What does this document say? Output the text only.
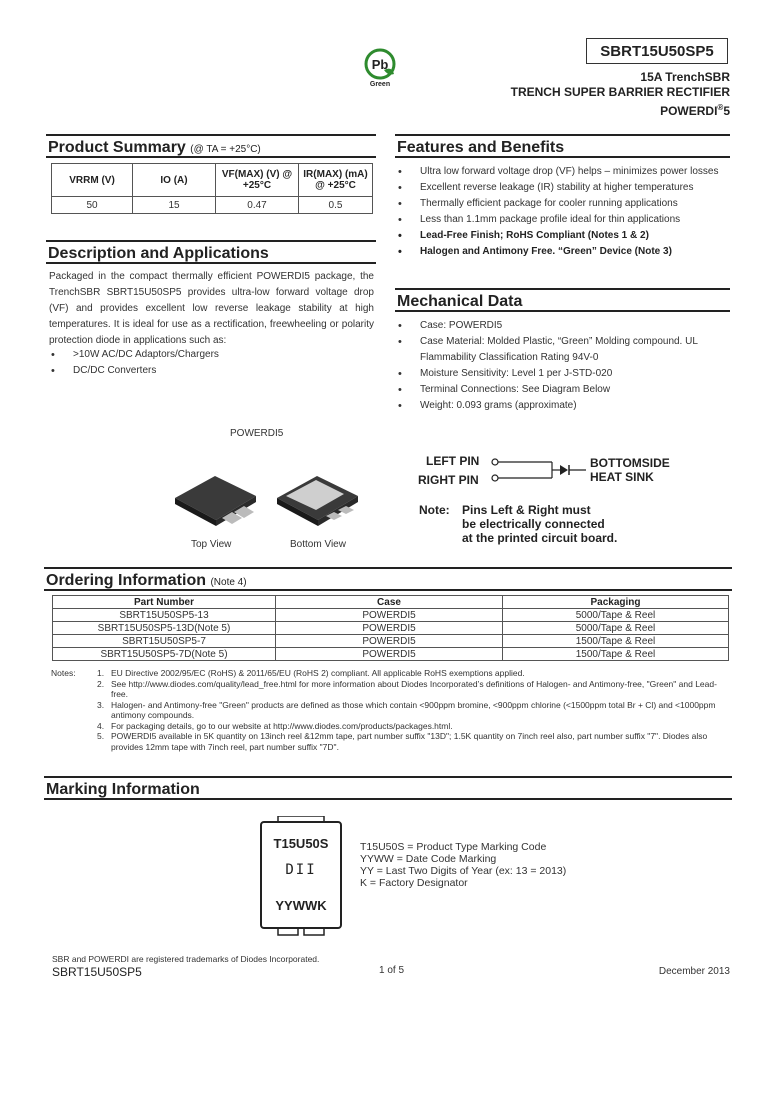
SBRT15U50SP5
Pb
Green
15A TrenchSBR
TRENCH SUPER BARRIER RECTIFIER
POWERDI®5
Product Summary (@ TA = +25°C)
VRRM (V)	IO (A)	VF(MAX) (V) @ +25°C	IR(MAX) (mA) @ +25°C
50	15	0.47	0.5
Description and Applications
Packaged in the compact thermally efficient POWERDI5 package, the TrenchSBR SBRT15U50SP5 provides ultra-low forward voltage drop (VF) and provides excellent low reverse leakage stability at high temperatures. It is ideal for use as a rectification, freewheeling or polarity protection diode in applications such as:
• >10W AC/DC Adaptors/Chargers
• DC/DC Converters
Features and Benefits
• Ultra low forward voltage drop (VF) helps – minimizes power losses
• Excellent reverse leakage (IR) stability at higher temperatures
• Thermally efficient package for cooler running applications
• Less than 1.1mm package profile ideal for thin applications
• Lead-Free Finish; RoHS Compliant (Notes 1 & 2)
• Halogen and Antimony Free. “Green” Device (Note 3)
Mechanical Data
• Case: POWERDI5
• Case Material: Molded Plastic, “Green” Molding compound. UL Flammability Classification Rating 94V-0
• Moisture Sensitivity: Level 1 per J-STD-020
• Terminal Connections: See Diagram Below
• Weight: 0.093 grams (approximate)
POWERDI5
Top View	Bottom View
LEFT PIN
RIGHT PIN
BOTTOMSIDE
HEAT SINK
Note: Pins Left & Right must
be electrically connected
at the printed circuit board.
Ordering Information (Note 4)
Part Number	Case	Packaging
SBRT15U50SP5-13	POWERDI5	5000/Tape & Reel
SBRT15U50SP5-13D(Note 5)	POWERDI5	5000/Tape & Reel
SBRT15U50SP5-7	POWERDI5	1500/Tape & Reel
SBRT15U50SP5-7D(Note 5)	POWERDI5	1500/Tape & Reel
Notes:	1. EU Directive 2002/95/EC (RoHS) & 2011/65/EU (RoHS 2) compliant. All applicable RoHS exemptions applied.
2. See http://www.diodes.com/quality/lead_free.html for more information about Diodes Incorporated’s definitions of Halogen- and Antimony-free, "Green" and Lead-free.
3. Halogen- and Antimony-free "Green" products are defined as those which contain <900ppm bromine, <900ppm chlorine (<1500ppm total Br + Cl) and <1000ppm antimony compounds.
4. For packaging details, go to our website at http://www.diodes.com/products/packages.html.
5. POWERDI5 available in 5K quantity on 13inch reel &12mm tape, part number suffix "13D"; 1.5K quantity on 7inch reel also, part number suffix "7". Diodes also provides 12mm tape with 7inch reel, part number suffix "7D".
Marking Information
T15U50S
DII
YYWWK
T15U50S = Product Type Marking Code
YYWW = Date Code Marking
YY = Last Two Digits of Year (ex: 13 = 2013)
K = Factory Designator
SBR and POWERDI are registered trademarks of Diodes Incorporated.
SBRT15U50SP5	1 of 5	December 2013
